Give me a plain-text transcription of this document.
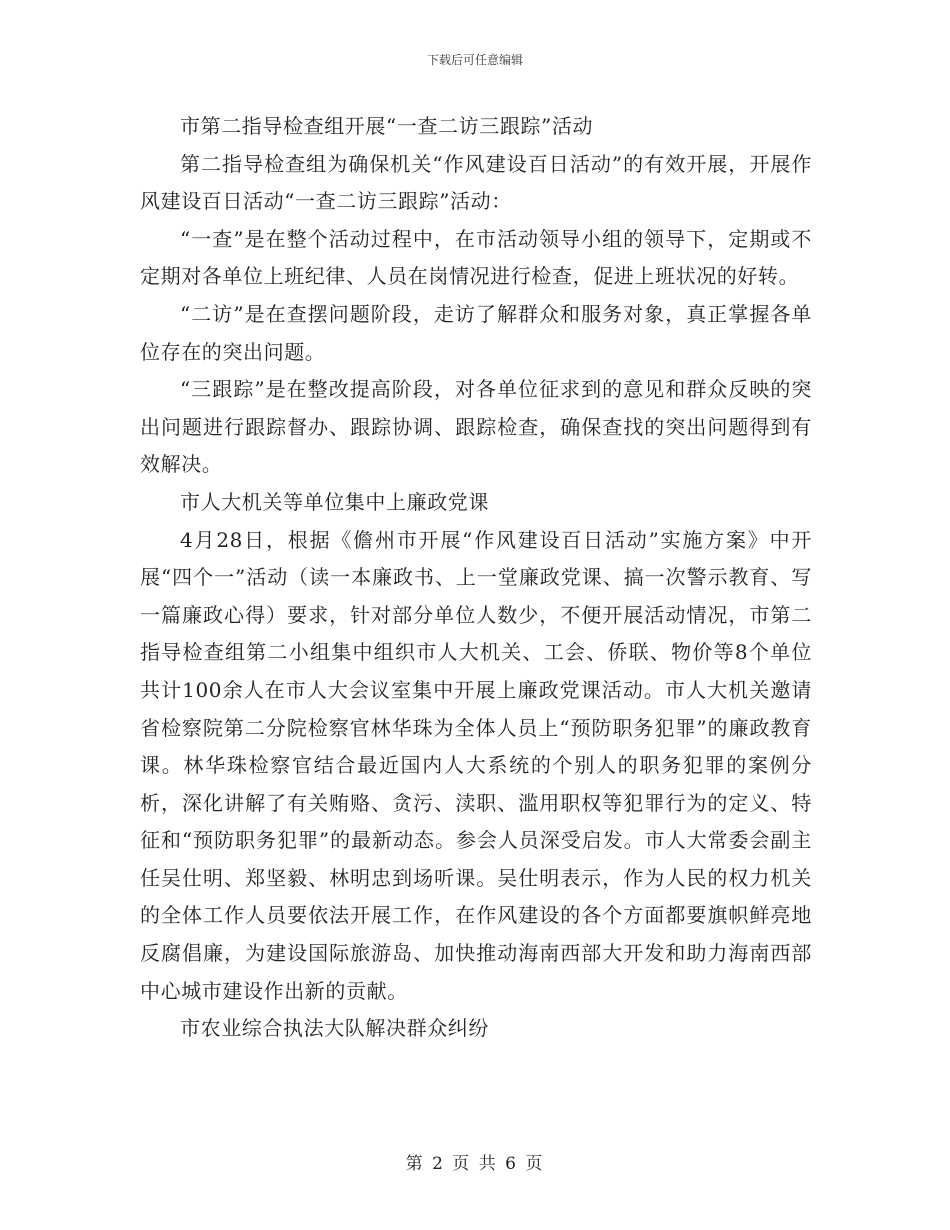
下载后可任意编辑

市第二指导检查组开展“一查二访三跟踪”活动

第二指导检查组为确保机关“作风建设百日活动”的有效开展，开展作风建设百日活动“一查二访三跟踪”活动：

“一查”是在整个活动过程中，在市活动领导小组的领导下，定期或不定期对各单位上班纪律、人员在岗情况进行检查，促进上班状况的好转。

“二访”是在查摆问题阶段，走访了解群众和服务对象，真正掌握各单位存在的突出问题。

“三跟踪”是在整改提高阶段，对各单位征求到的意见和群众反映的突出问题进行跟踪督办、跟踪协调、跟踪检查，确保查找的突出问题得到有效解决。

市人大机关等单位集中上廉政党课

4月28日，根据《儋州市开展“作风建设百日活动”实施方案》中开展“四个一”活动（读一本廉政书、上一堂廉政党课、搞一次警示教育、写一篇廉政心得）要求，针对部分单位人数少，不便开展活动情况，市第二指导检查组第二小组集中组织市人大机关、工会、侨联、物价等8个单位共计100余人在市人大会议室集中开展上廉政党课活动。市人大机关邀请省检察院第二分院检察官林华珠为全体人员上“预防职务犯罪”的廉政教育课。林华珠检察官结合最近国内人大系统的个别人的职务犯罪的案例分析，深化讲解了有关贿赂、贪污、渎职、滥用职权等犯罪行为的定义、特征和“预防职务犯罪”的最新动态。参会人员深受启发。市人大常委会副主任吴仕明、郑坚毅、林明忠到场听课。吴仕明表示，作为人民的权力机关的全体工作人员要依法开展工作，在作风建设的各个方面都要旗帜鲜亮地反腐倡廉，为建设国际旅游岛、加快推动海南西部大开发和助力海南西部中心城市建设作出新的贡献。

市农业综合执法大队解决群众纠纷

第 2 页 共 6 页
